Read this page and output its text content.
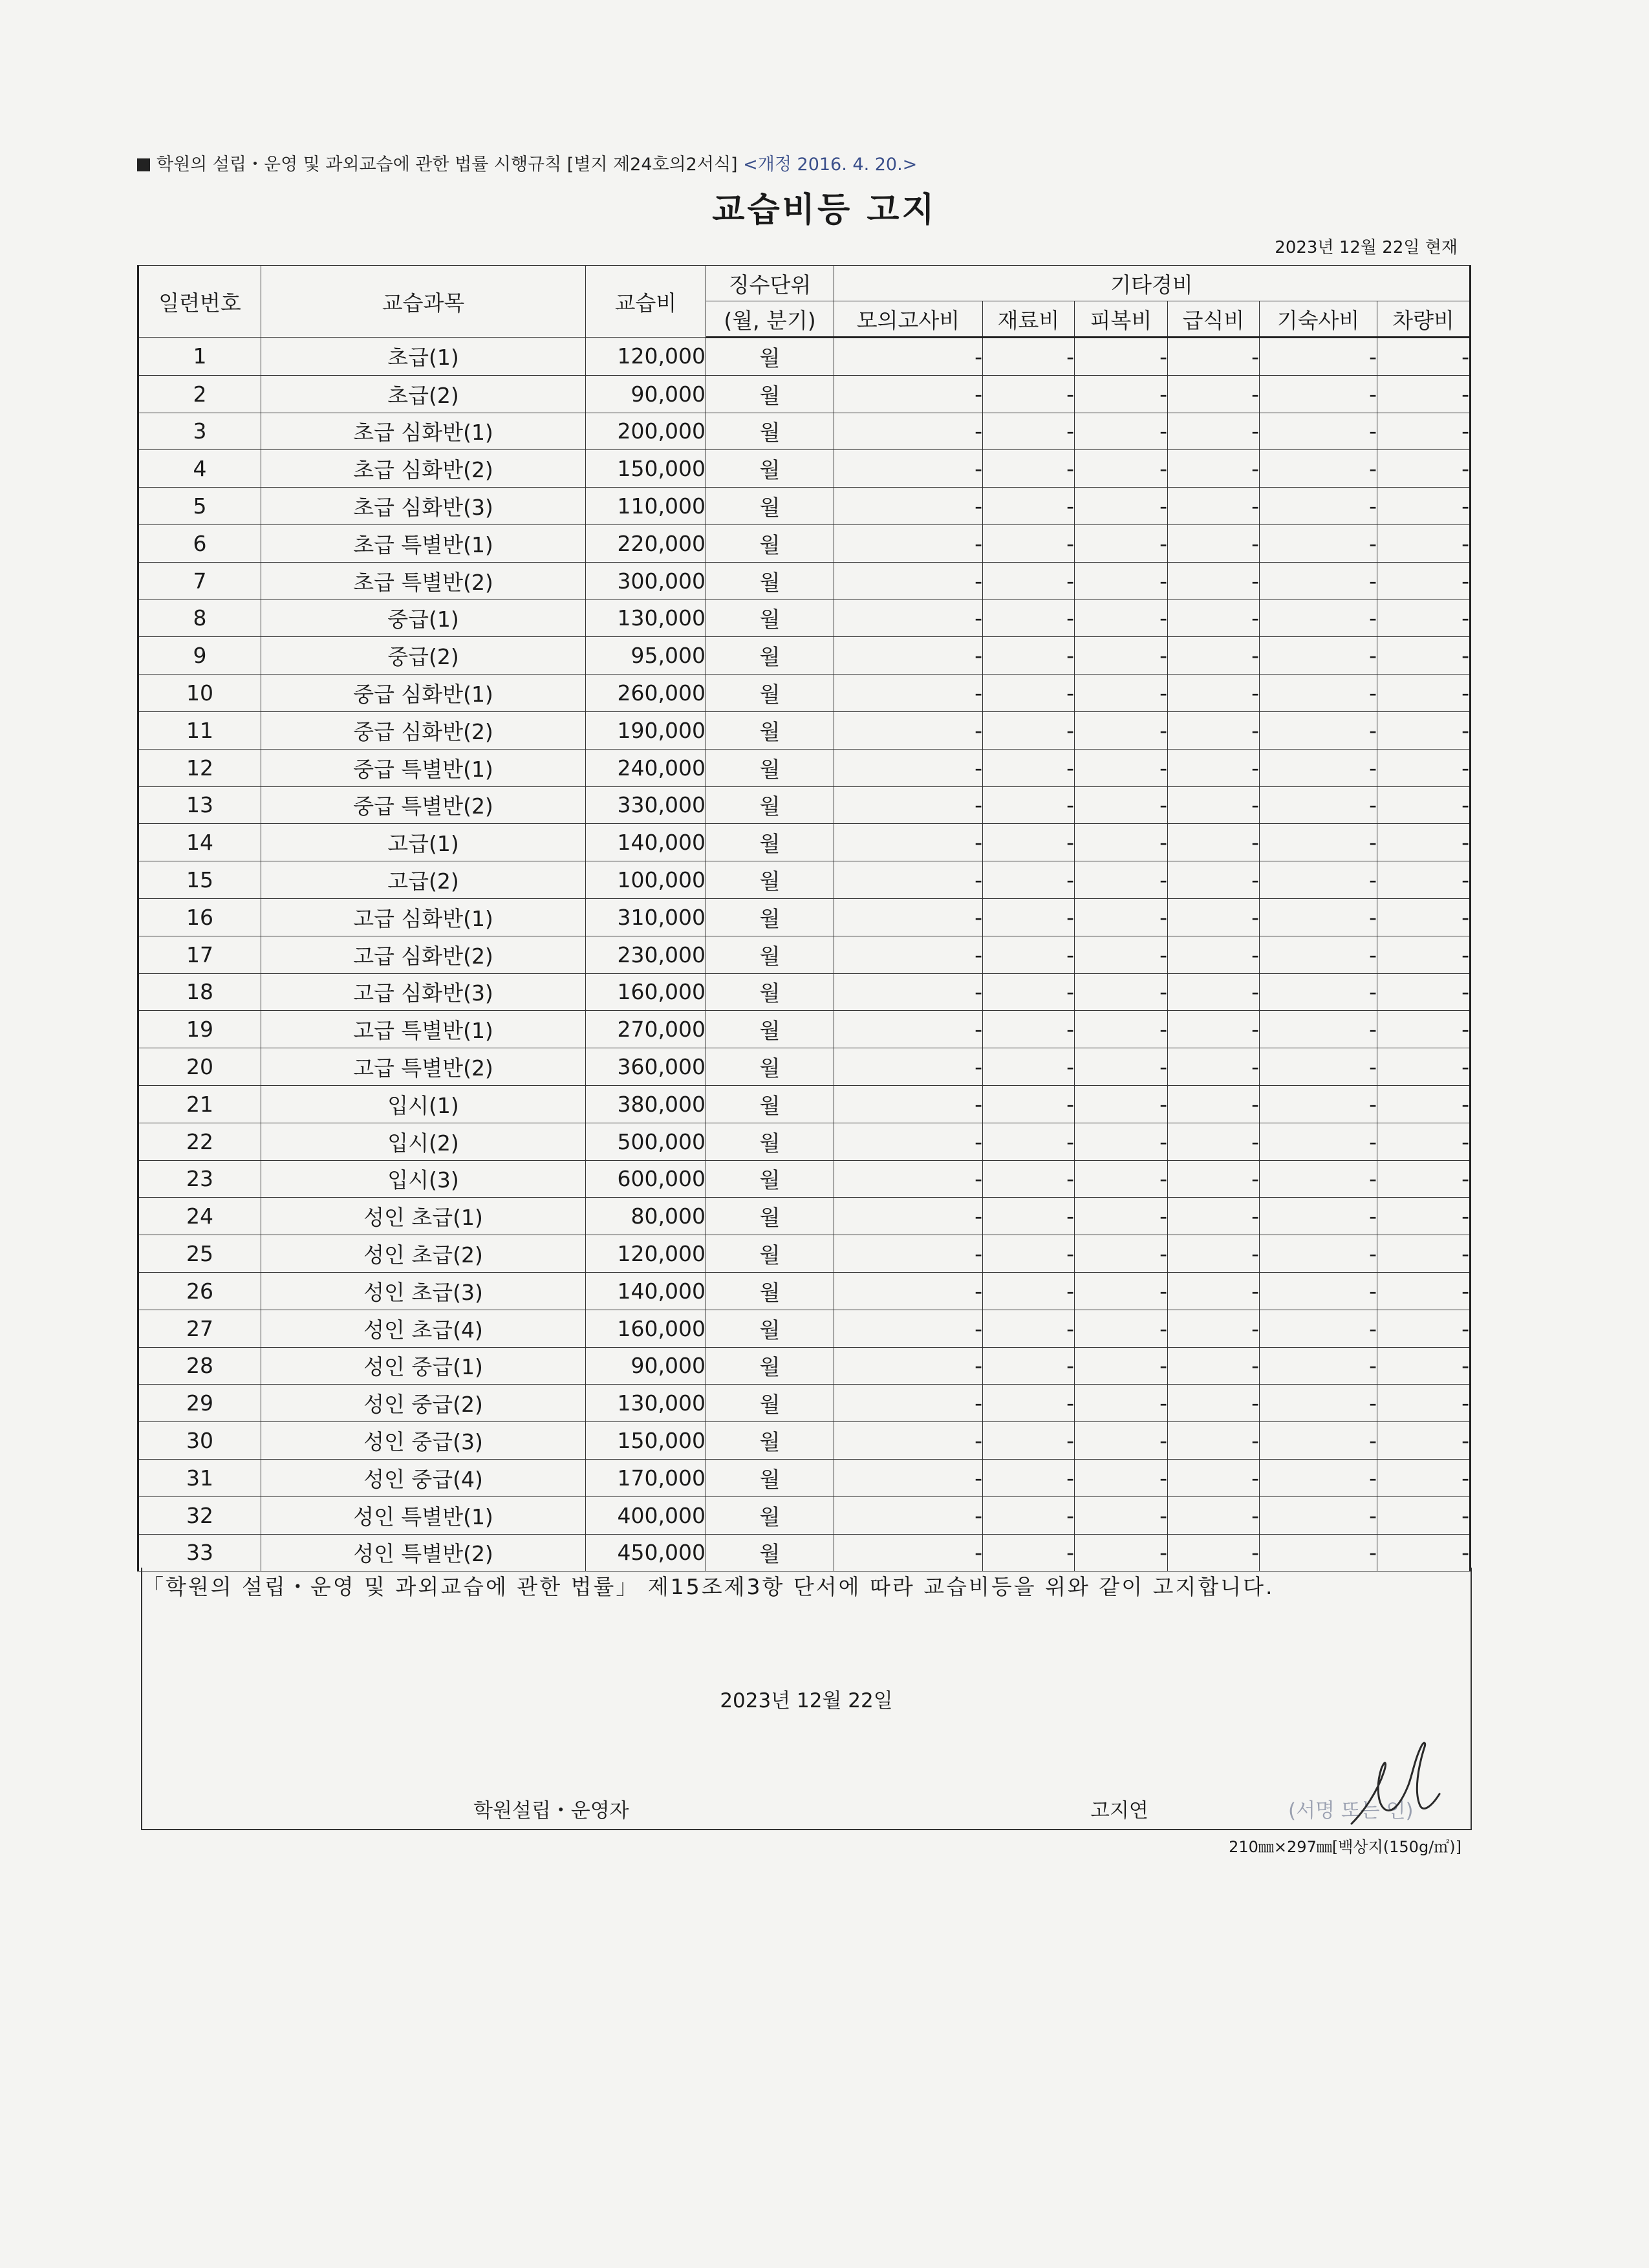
학원의 설립・운영 및 과외교습에 관한 법률 시행규칙 [별지 제24호의2서식] <개정 2016. 4. 20.>
교습비등 고지
2023년 12월 22일 현재
일련번호	교습과목	교습비	징수단위	기타경비					
			(월, 분기)	모의고사비	재료비	피복비	급식비	기숙사비	차량비
1	초급(1)	120,000	월	-	-	-	-	-	-
2	초급(2)	90,000	월	-	-	-	-	-	-
3	초급 심화반(1)	200,000	월	-	-	-	-	-	-
4	초급 심화반(2)	150,000	월	-	-	-	-	-	-
5	초급 심화반(3)	110,000	월	-	-	-	-	-	-
6	초급 특별반(1)	220,000	월	-	-	-	-	-	-
7	초급 특별반(2)	300,000	월	-	-	-	-	-	-
8	중급(1)	130,000	월	-	-	-	-	-	-
9	중급(2)	95,000	월	-	-	-	-	-	-
10	중급 심화반(1)	260,000	월	-	-	-	-	-	-
11	중급 심화반(2)	190,000	월	-	-	-	-	-	-
12	중급 특별반(1)	240,000	월	-	-	-	-	-	-
13	중급 특별반(2)	330,000	월	-	-	-	-	-	-
14	고급(1)	140,000	월	-	-	-	-	-	-
15	고급(2)	100,000	월	-	-	-	-	-	-
16	고급 심화반(1)	310,000	월	-	-	-	-	-	-
17	고급 심화반(2)	230,000	월	-	-	-	-	-	-
18	고급 심화반(3)	160,000	월	-	-	-	-	-	-
19	고급 특별반(1)	270,000	월	-	-	-	-	-	-
20	고급 특별반(2)	360,000	월	-	-	-	-	-	-
21	입시(1)	380,000	월	-	-	-	-	-	-
22	입시(2)	500,000	월	-	-	-	-	-	-
23	입시(3)	600,000	월	-	-	-	-	-	-
24	성인 초급(1)	80,000	월	-	-	-	-	-	-
25	성인 초급(2)	120,000	월	-	-	-	-	-	-
26	성인 초급(3)	140,000	월	-	-	-	-	-	-
27	성인 초급(4)	160,000	월	-	-	-	-	-	-
28	성인 중급(1)	90,000	월	-	-	-	-	-	-
29	성인 중급(2)	130,000	월	-	-	-	-	-	-
30	성인 중급(3)	150,000	월	-	-	-	-	-	-
31	성인 중급(4)	170,000	월	-	-	-	-	-	-
32	성인 특별반(1)	400,000	월	-	-	-	-	-	-
33	성인 특별반(2)	450,000	월	-	-	-	-	-	-
「학원의 설립・운영 및 과외교습에 관한 법률」 제15조제3항 단서에 따라 교습비등을 위와 같이 고지합니다.
2023년 12월 22일
학원설립・운영자	고지연	(서명 또는 인)
210㎜×297㎜[백상지(150g/㎡)]
